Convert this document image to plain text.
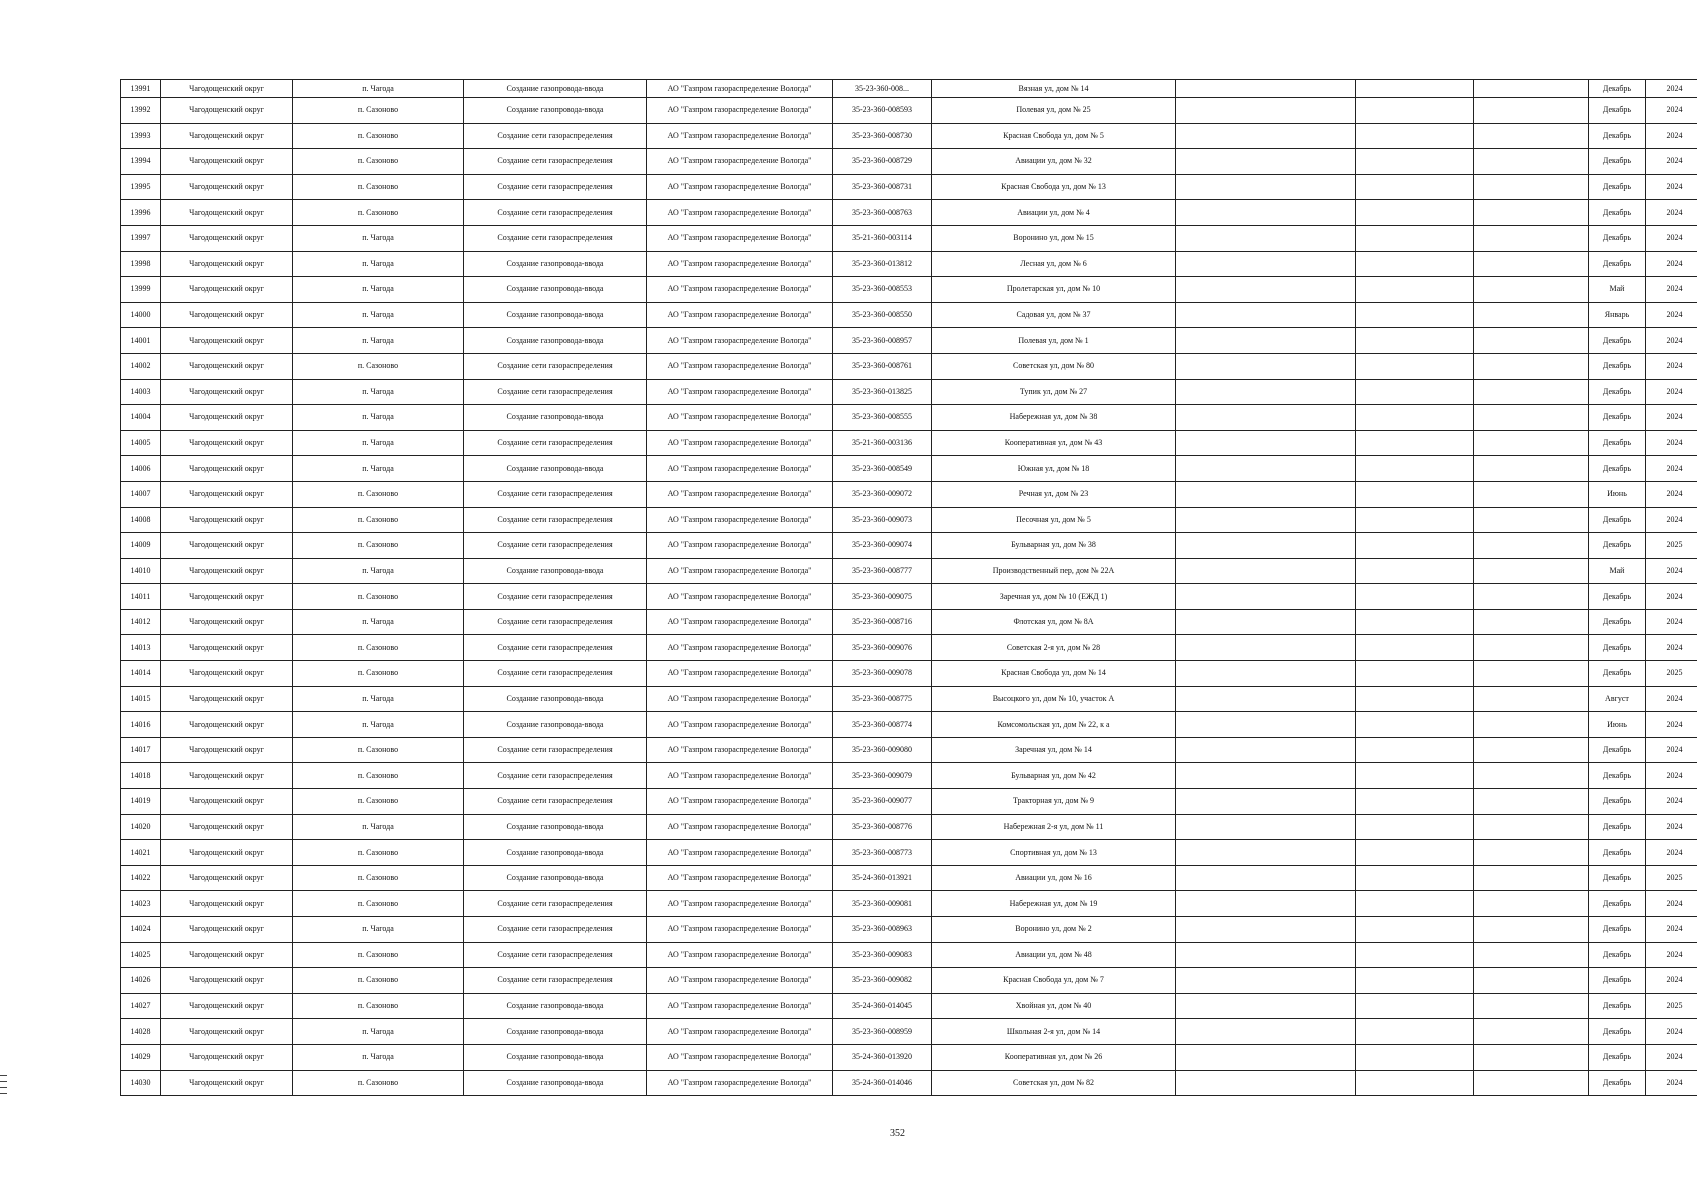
13991	Чагодощенский округ	п. Чагода	Создание газопровода-ввода	АО "Газпром газораспределение Вологда"	35-23-360-008...	Вязная ул, дом № 14				Декабрь	2024
13992	Чагодощенский округ	п. Сазоново	Создание газопровода-ввода	АО "Газпром газораспределение Вологда"	35-23-360-008593	Полевая ул, дом № 25				Декабрь	2024
13993	Чагодощенский округ	п. Сазоново	Создание сети газораспределения	АО "Газпром газораспределение Вологда"	35-23-360-008730	Красная Свобода ул, дом № 5				Декабрь	2024
13994	Чагодощенский округ	п. Сазоново	Создание сети газораспределения	АО "Газпром газораспределение Вологда"	35-23-360-008729	Авиации ул, дом № 32				Декабрь	2024
13995	Чагодощенский округ	п. Сазоново	Создание сети газораспределения	АО "Газпром газораспределение Вологда"	35-23-360-008731	Красная Свобода ул, дом № 13				Декабрь	2024
13996	Чагодощенский округ	п. Сазоново	Создание сети газораспределения	АО "Газпром газораспределение Вологда"	35-23-360-008763	Авиации ул, дом № 4				Декабрь	2024
13997	Чагодощенский округ	п. Чагода	Создание сети газораспределения	АО "Газпром газораспределение Вологда"	35-21-360-003114	Воронино ул, дом № 15				Декабрь	2024
13998	Чагодощенский округ	п. Чагода	Создание газопровода-ввода	АО "Газпром газораспределение Вологда"	35-23-360-013812	Лесная ул, дом № 6				Декабрь	2024
13999	Чагодощенский округ	п. Чагода	Создание газопровода-ввода	АО "Газпром газораспределение Вологда"	35-23-360-008553	Пролетарская ул, дом № 10				Май	2024
14000	Чагодощенский округ	п. Чагода	Создание газопровода-ввода	АО "Газпром газораспределение Вологда"	35-23-360-008550	Садовая ул, дом № 37				Январь	2024
14001	Чагодощенский округ	п. Чагода	Создание газопровода-ввода	АО "Газпром газораспределение Вологда"	35-23-360-008957	Полевая ул, дом № 1				Декабрь	2024
14002	Чагодощенский округ	п. Сазоново	Создание сети газораспределения	АО "Газпром газораспределение Вологда"	35-23-360-008761	Советская ул, дом № 80				Декабрь	2024
14003	Чагодощенский округ	п. Чагода	Создание сети газораспределения	АО "Газпром газораспределение Вологда"	35-23-360-013825	Тупик ул, дом № 27				Декабрь	2024
14004	Чагодощенский округ	п. Чагода	Создание газопровода-ввода	АО "Газпром газораспределение Вологда"	35-23-360-008555	Набережная ул, дом № 38				Декабрь	2024
14005	Чагодощенский округ	п. Чагода	Создание сети газораспределения	АО "Газпром газораспределение Вологда"	35-21-360-003136	Кооперативная ул, дом № 43				Декабрь	2024
14006	Чагодощенский округ	п. Чагода	Создание газопровода-ввода	АО "Газпром газораспределение Вологда"	35-23-360-008549	Южная ул, дом № 18				Декабрь	2024
14007	Чагодощенский округ	п. Сазоново	Создание сети газораспределения	АО "Газпром газораспределение Вологда"	35-23-360-009072	Речная ул, дом № 23				Июнь	2024
14008	Чагодощенский округ	п. Сазоново	Создание сети газораспределения	АО "Газпром газораспределение Вологда"	35-23-360-009073	Песочная ул, дом № 5				Декабрь	2024
14009	Чагодощенский округ	п. Сазоново	Создание сети газораспределения	АО "Газпром газораспределение Вологда"	35-23-360-009074	Бульварная ул, дом № 38				Декабрь	2025
14010	Чагодощенский округ	п. Чагода	Создание газопровода-ввода	АО "Газпром газораспределение Вологда"	35-23-360-008777	Производственный пер, дом № 22А				Май	2024
14011	Чагодощенский округ	п. Сазоново	Создание сети газораспределения	АО "Газпром газораспределение Вологда"	35-23-360-009075	Заречная ул, дом № 10 (ЕЖД 1)				Декабрь	2024
14012	Чагодощенский округ	п. Чагода	Создание сети газораспределения	АО "Газпром газораспределение Вологда"	35-23-360-008716	Флотская ул, дом № 8А				Декабрь	2024
14013	Чагодощенский округ	п. Сазоново	Создание сети газораспределения	АО "Газпром газораспределение Вологда"	35-23-360-009076	Советская 2-я ул, дом № 28				Декабрь	2024
14014	Чагодощенский округ	п. Сазоново	Создание сети газораспределения	АО "Газпром газораспределение Вологда"	35-23-360-009078	Красная Свобода ул, дом № 14				Декабрь	2025
14015	Чагодощенский округ	п. Чагода	Создание газопровода-ввода	АО "Газпром газораспределение Вологда"	35-23-360-008775	Высоцкого ул, дом № 10, участок А				Август	2024
14016	Чагодощенский округ	п. Чагода	Создание газопровода-ввода	АО "Газпром газораспределение Вологда"	35-23-360-008774	Комсомольская ул, дом № 22, к а				Июнь	2024
14017	Чагодощенский округ	п. Сазоново	Создание сети газораспределения	АО "Газпром газораспределение Вологда"	35-23-360-009080	Заречная ул, дом № 14				Декабрь	2024
14018	Чагодощенский округ	п. Сазоново	Создание сети газораспределения	АО "Газпром газораспределение Вологда"	35-23-360-009079	Бульварная ул, дом № 42				Декабрь	2024
14019	Чагодощенский округ	п. Сазоново	Создание сети газораспределения	АО "Газпром газораспределение Вологда"	35-23-360-009077	Тракторная ул, дом № 9				Декабрь	2024
14020	Чагодощенский округ	п. Чагода	Создание газопровода-ввода	АО "Газпром газораспределение Вологда"	35-23-360-008776	Набережная 2-я ул, дом № 11				Декабрь	2024
14021	Чагодощенский округ	п. Сазоново	Создание газопровода-ввода	АО "Газпром газораспределение Вологда"	35-23-360-008773	Спортивная ул, дом № 13				Декабрь	2024
14022	Чагодощенский округ	п. Сазоново	Создание газопровода-ввода	АО "Газпром газораспределение Вологда"	35-24-360-013921	Авиации ул, дом № 16				Декабрь	2025
14023	Чагодощенский округ	п. Сазоново	Создание сети газораспределения	АО "Газпром газораспределение Вологда"	35-23-360-009081	Набережная ул, дом № 19				Декабрь	2024
14024	Чагодощенский округ	п. Чагода	Создание сети газораспределения	АО "Газпром газораспределение Вологда"	35-23-360-008963	Воронино ул, дом № 2				Декабрь	2024
14025	Чагодощенский округ	п. Сазоново	Создание сети газораспределения	АО "Газпром газораспределение Вологда"	35-23-360-009083	Авиации ул, дом № 48				Декабрь	2024
14026	Чагодощенский округ	п. Сазоново	Создание сети газораспределения	АО "Газпром газораспределение Вологда"	35-23-360-009082	Красная Свобода ул, дом № 7				Декабрь	2024
14027	Чагодощенский округ	п. Сазоново	Создание газопровода-ввода	АО "Газпром газораспределение Вологда"	35-24-360-014045	Хвойная ул, дом № 40				Декабрь	2025
14028	Чагодощенский округ	п. Чагода	Создание газопровода-ввода	АО "Газпром газораспределение Вологда"	35-23-360-008959	Школьная 2-я ул, дом № 14				Декабрь	2024
14029	Чагодощенский округ	п. Чагода	Создание газопровода-ввода	АО "Газпром газораспределение Вологда"	35-24-360-013920	Кооперативная ул, дом № 26				Декабрь	2024
14030	Чагодощенский округ	п. Сазоново	Создание газопровода-ввода	АО "Газпром газораспределение Вологда"	35-24-360-014046	Советская ул, дом № 82				Декабрь	2024
352
